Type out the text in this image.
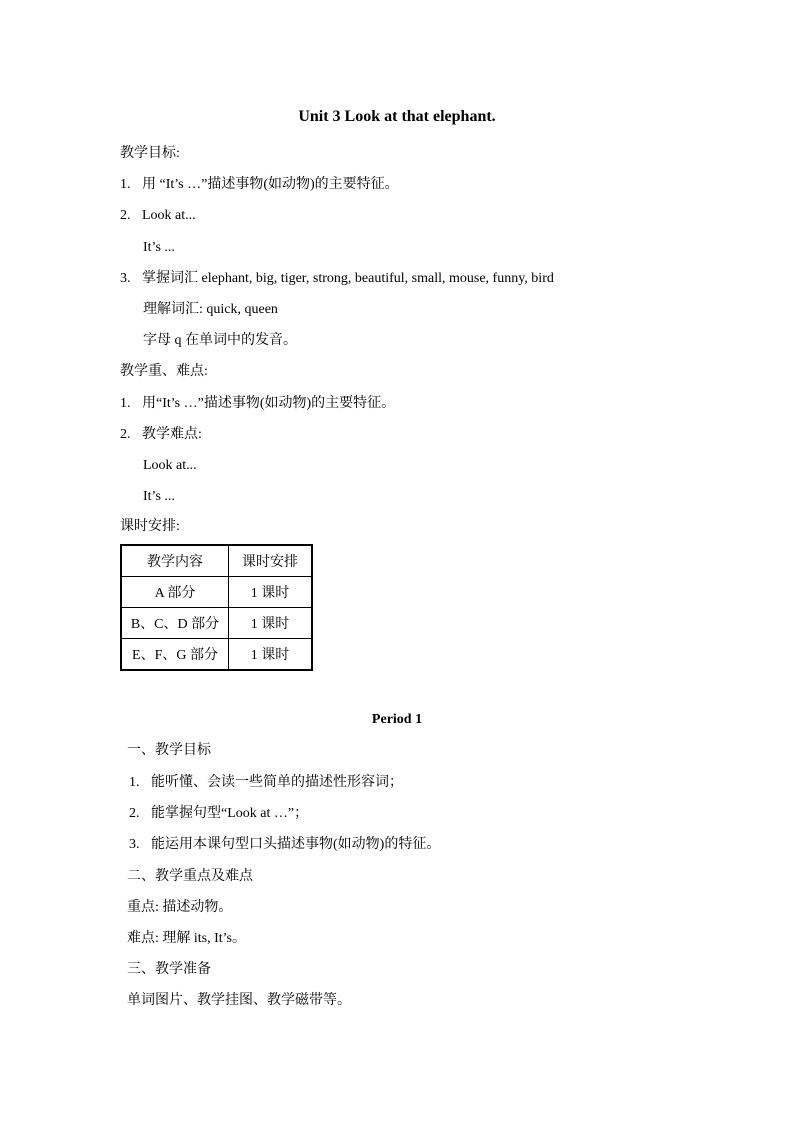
Unit 3 Look at that elephant.
教学目标:
1. 用 “It’s …”描述事物(如动物)的主要特征。
2. Look at...
It’s ...
3. 掌握词汇 elephant, big, tiger, strong, beautiful, small, mouse, funny, bird
理解词汇: quick, queen
字母 q 在单词中的发音。
教学重、难点:
1. 用“It’s …”描述事物(如动物)的主要特征。
2. 教学难点:
Look at...
It’s ...
课时安排:
教学内容	课时安排
A 部分	1 课时
B、C、D 部分	1 课时
E、F、G 部分	1 课时
Period 1
一、教学目标
1. 能听懂、会读一些简单的描述性形容词；
2. 能掌握句型“Look at …”；
3. 能运用本课句型口头描述事物(如动物)的特征。
二、教学重点及难点
重点: 描述动物。
难点: 理解 its, It’s。
三、教学准备
单词图片、教学挂图、教学磁带等。
